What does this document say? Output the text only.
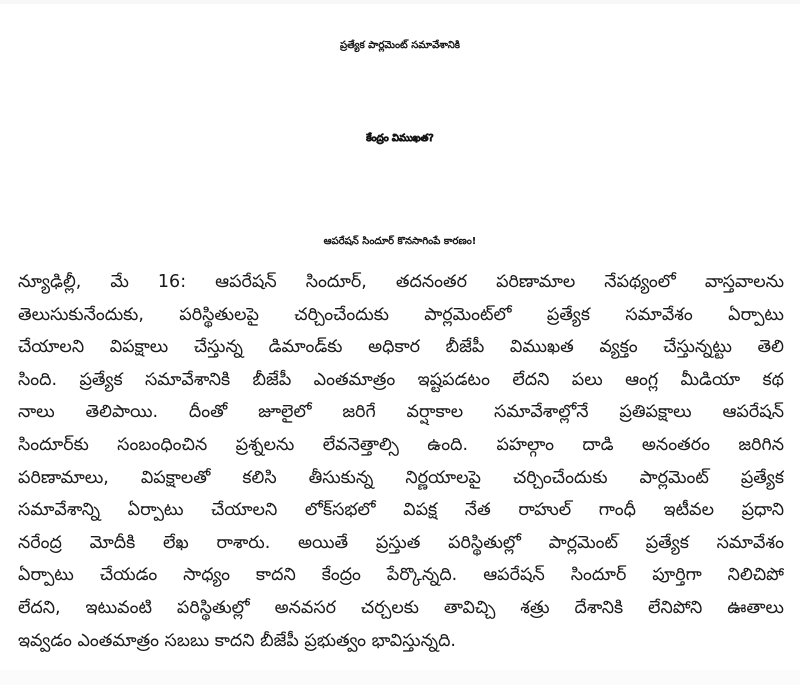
ప్రత్యేక పార్లమెంట్ సమావేశానికి
కేంద్రం విముఖత?
ఆపరేషన్ సిందూర్ కొనసాగింపే కారణం!
న్యూఢిల్లీ, మే 16: ఆపరేషన్ సిందూర్, తదనంతర పరిణామాల నేపథ్యంలో వాస్తవాలను
తెలుసుకునేందుకు, పరిస్థితులపై చర్చించేందుకు పార్లమెంట్‌లో ప్రత్యేక సమావేశం ఏర్పాటు
చేయాలని విపక్షాలు చేస్తున్న డిమాండ్‌కు అధికార బీజేపీ విముఖత వ్యక్తం చేస్తున్నట్టు తెలి
సింది. ప్రత్యేక సమావేశానికి బీజేపీ ఎంతమాత్రం ఇష్టపడటం లేదని పలు ఆంగ్ల మీడియా కథ
నాలు తెలిపాయి. దీంతో జూలైలో జరిగే వర్షాకాల సమావేశాల్లోనే ప్రతిపక్షాలు ఆపరేషన్
సిందూర్‌కు సంబంధించిన ప్రశ్నలను లేవనెత్తాల్సి ఉంది. పహల్గాం దాడి అనంతరం జరిగిన
పరిణామాలు, విపక్షాలతో కలిసి తీసుకున్న నిర్ణయాలపై చర్చించేందుకు పార్లమెంట్ ప్రత్యేక
సమావేశాన్ని ఏర్పాటు చేయాలని లోక్‌సభలో విపక్ష నేత రాహుల్ గాంధీ ఇటీవల ప్రధాని
నరేంద్ర మోదీకి లేఖ రాశారు. అయితే ప్రస్తుత పరిస్థితుల్లో పార్లమెంట్ ప్రత్యేక సమావేశం
ఏర్పాటు చేయడం సాధ్యం కాదని కేంద్రం పేర్కొన్నది. ఆపరేషన్ సిందూర్ పూర్తిగా నిలిచిపో
లేదని, ఇటువంటి పరిస్థితుల్లో అనవసర చర్చలకు తావిచ్చి శత్రు దేశానికి లేనిపోని ఊతాలు
ఇవ్వడం ఎంతమాత్రం సబబు కాదని బీజేపీ ప్రభుత్వం భావిస్తున్నది.
